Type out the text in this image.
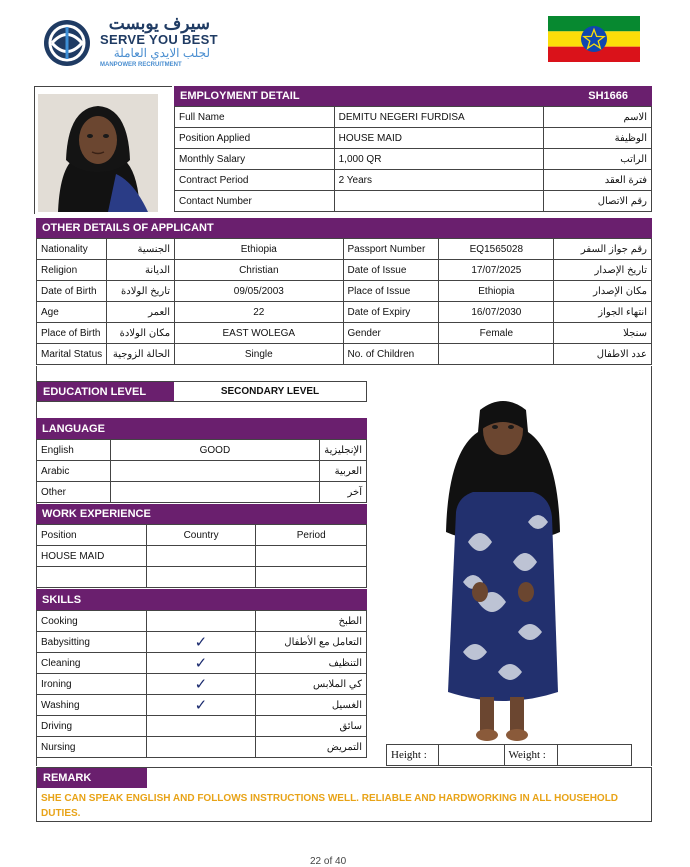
سيرف يوبست
SERVE YOU BEST
لجلب الايدي العاملة
MANPOWER RECRUITMENT
EMPLOYMENT DETAIL	SH1666
Full Name	DEMITU NEGERI FURDISA	الاسم
Position Applied	HOUSE MAID	الوظيفة
Monthly Salary	1,000 QR	الراتب
Contract Period	2 Years	فترة العقد
Contact Number		رقم الاتصال
OTHER DETAILS OF APPLICANT
Nationality	الجنسية	Ethiopia	Passport Number	EQ1565028	رقم جواز السفر
Religion	الديانة	Christian	Date of Issue	17/07/2025	تاريخ الإصدار
Date of Birth	تاريخ الولادة	09/05/2003	Place of Issue	Ethiopia	مكان الإصدار
Age	العمر	22	Date of Expiry	16/07/2030	انتهاء الجواز
Place of Birth	مكان الولادة	EAST WOLEGA	Gender	Female	سنجلا
Marital Status	الحالة الزوجية	Single	No. of Children		عدد الاطفال
EDUCATION LEVEL	SECONDARY LEVEL
LANGUAGE
English	GOOD	الإنجليزية
Arabic		العربية
Other		آخر
WORK EXPERIENCE
Position	Country	Period
HOUSE MAID		

SKILLS
Cooking		الطبخ
Babysitting	✓	التعامل مع الأطفال
Cleaning	✓	التنظيف
Ironing	✓	كي الملابس
Washing	✓	الغسيل
Driving		سائق
Nursing		التمريض
Height :		Weight :	
REMARK
SHE CAN SPEAK ENGLISH AND FOLLOWS INSTRUCTIONS WELL. RELIABLE AND HARDWORKING IN ALL HOUSEHOLD DUTIES.
22 of 40
